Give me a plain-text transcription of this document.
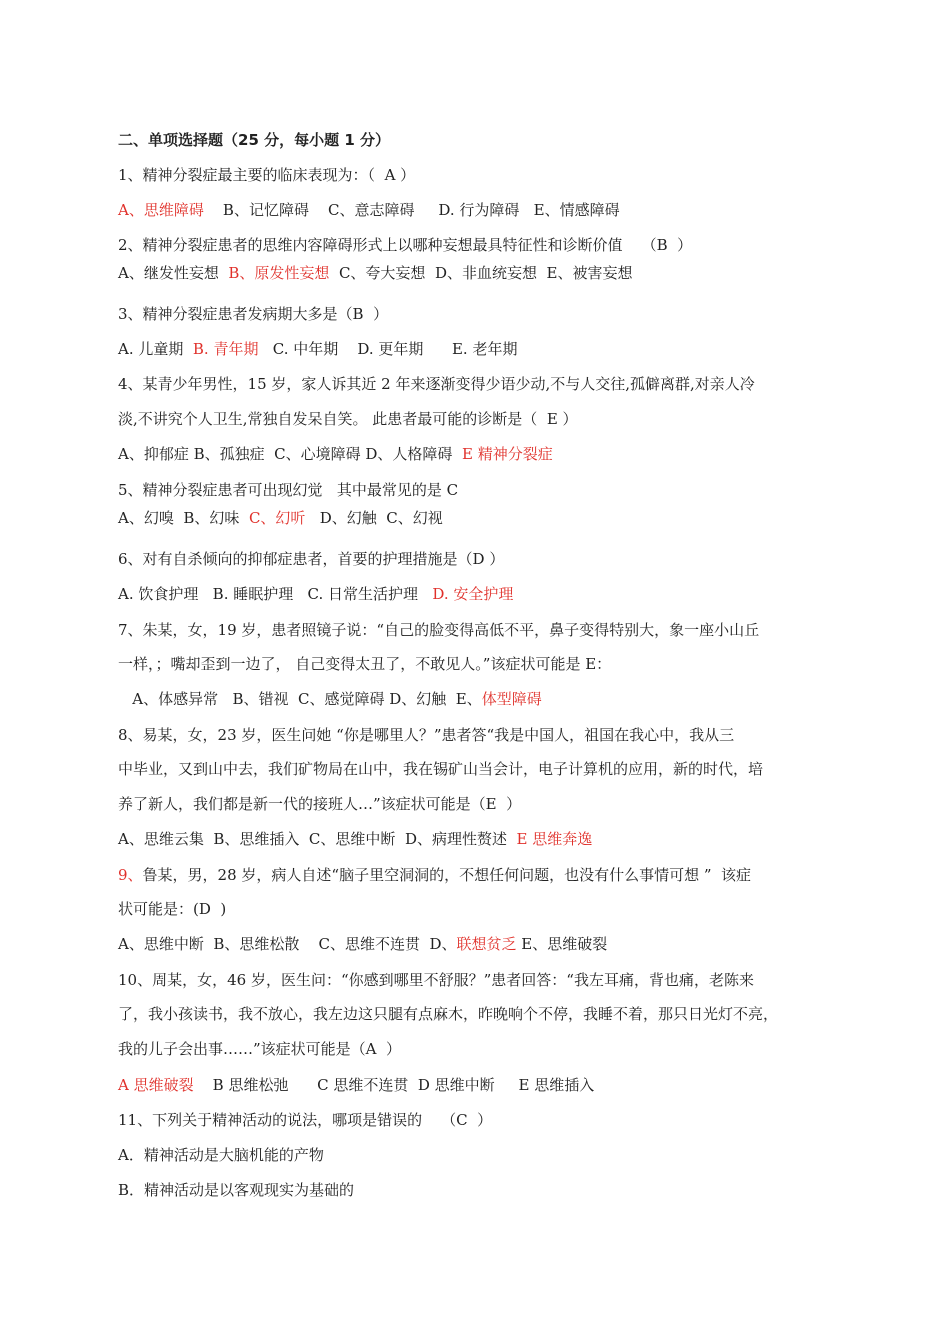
二、单项选择题（25 分，每小题 1 分）
1、精神分裂症最主要的临床表现为：（  A ）
A、思维障碍    B、记忆障碍    C、意志障碍     D. 行为障碍   E、情感障碍
2、精神分裂症患者的思维内容障碍形式上以哪种妄想最具特征性和诊断价值    （B  ）
A、继发性妄想  B、原发性妄想  C、夸大妄想  D、非血统妄想  E、被害妄想
3、精神分裂症患者发病期大多是（B  ）
A. 儿童期  B. 青年期   C. 中年期    D. 更年期      E. 老年期
4、某青少年男性，15 岁，家人诉其近 2 年来逐渐变得少语少动,不与人交往,孤僻离群,对亲人冷
淡,不讲究个人卫生,常独自发呆自笑。 此患者最可能的诊断是（  E ）
A、抑郁症 B、孤独症  C、心境障碍 D、人格障碍  E 精神分裂症
5、精神分裂症患者可出现幻觉   其中最常见的是 C
A、幻嗅  B、幻味  C、幻听   D、幻触  C、幻视
6、对有自杀倾向的抑郁症患者，首要的护理措施是（D ）
A. 饮食护理   B. 睡眠护理   C. 日常生活护理   D. 安全护理
7、朱某，女，19 岁，患者照镜子说：“自己的脸变得高低不平，鼻子变得特别大，象一座小山丘
一样，；嘴却歪到一边了， 自己变得太丑了，不敢见人。”该症状可能是 E：
A、体感异常   B、错视  C、感觉障碍 D、幻触  E、体型障碍
8、易某，女，23 岁，医生问她 “你是哪里人？”患者答“我是中国人，祖国在我心中，我从三
中毕业，又到山中去，我们矿物局在山中，我在锡矿山当会计，电子计算机的应用，新的时代，培
养了新人，我们都是新一代的接班人…”该症状可能是（E  ）
A、思维云集  B、思维插入  C、思维中断  D、病理性赘述  E 思维奔逸
9、鲁某，男，28 岁，病人自述“脑子里空洞洞的，不想任何问题，也没有什么事情可想 ”  该症
状可能是：(D  )
A、思维中断  B、思维松散    C、思维不连贯  D、联想贫乏 E、思维破裂
10、周某，女，46 岁，医生问：“你感到哪里不舒服？”患者回答：“我左耳痛，背也痛，老陈来
了，我小孩读书，我不放心，我左边这只腿有点麻木，昨晚响个不停，我睡不着，那只日光灯不亮，
我的儿子会出事……”该症状可能是（A  ）
A 思维破裂    B 思维松弛      C 思维不连贯  D 思维中断     E 思维插入
11、下列关于精神活动的说法，哪项是错误的    （C  ）
A．精神活动是大脑机能的产物
B．精神活动是以客观现实为基础的
